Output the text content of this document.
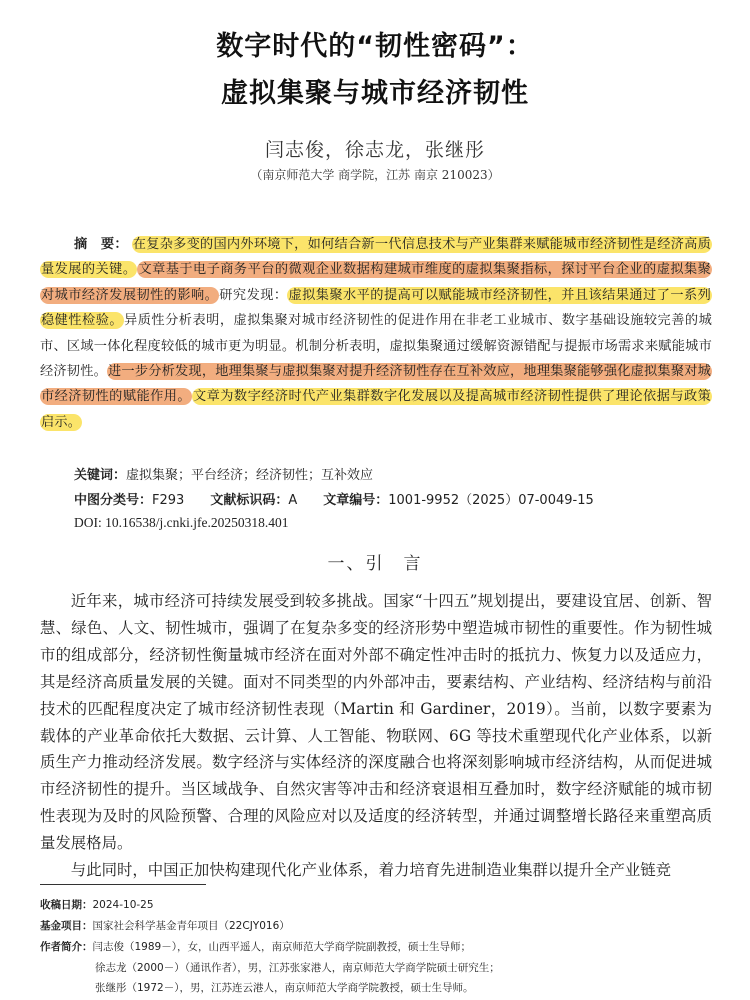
数字时代的“韧性密码”：
虚拟集聚与城市经济韧性
闫志俊，徐志龙，张继彤
（南京师范大学 商学院，江苏 南京 210023）
摘　要： 在复杂多变的国内外环境下，如何结合新一代信息技术与产业集群来赋能城市经济韧性是经济高质量发展的关键。 文章基于电子商务平台的微观企业数据构建城市维度的虚拟集聚指标，探讨平台企业的虚拟集聚对城市经济发展韧性的影响。研究发现：虚拟集聚水平的提高可以赋能城市经济韧性，并且该结果通过了一系列稳健性检验。异质性分析表明，虚拟集聚对城市经济韧性的促进作用在非老工业城市、数字基础设施较完善的城市、区域一体化程度较低的城市更为明显。机制分析表明，虚拟集聚通过缓解资源错配与提振市场需求来赋能城市经济韧性。进一步分析发现，地理集聚与虚拟集聚对提升经济韧性存在互补效应，地理集聚能够强化虚拟集聚对城市经济韧性的赋能作用。 文章为数字经济时代产业集群数字化发展以及提高城市经济韧性提供了理论依据与政策启示。
关键词：虚拟集聚；平台经济；经济韧性；互补效应
中图分类号：F293 文献标识码：A 文章编号：1001-9952（2025）07-0049-15
DOI: 10.16538/j.cnki.jfe.20250318.401
一、引　言

近年来，城市经济可持续发展受到较多挑战。国家“十四五”规划提出，要建设宜居、创新、智慧、绿色、人文、韧性城市，强调了在复杂多变的经济形势中塑造城市韧性的重要性。作为韧性城市的组成部分，经济韧性衡量城市经济在面对外部不确定性冲击时的抵抗力、恢复力以及适应力，其是经济高质量发展的关键。面对不同类型的内外部冲击，要素结构、产业结构、经济结构与前沿技术的匹配程度决定了城市经济韧性表现（Martin 和 Gardiner，2019）。当前，以数字要素为载体的产业革命依托大数据、云计算、人工智能、物联网、6G 等技术重塑现代化产业体系，以新质生产力推动经济发展。数字经济与实体经济的深度融合也将深刻影响城市经济结构，从而促进城市经济韧性的提升。当区域战争、自然灾害等冲击和经济衰退相互叠加时，数字经济赋能的城市韧性表现为及时的风险预警、合理的风险应对以及适度的经济转型，并通过调整增长路径来重塑高质量发展格局。

与此同时，中国正加快构建现代化产业体系，着力培育先进制造业集群以提升全产业链竞

收稿日期：2024-10-25
基金项目：国家社会科学基金青年项目（22CJY016）
作者简介：闫志俊（1989－），女，山西平遥人，南京师范大学商学院副教授，硕士生导师；
徐志龙（2000－）（通讯作者），男，江苏张家港人，南京师范大学商学院硕士研究生；
张继彤（1972－），男，江苏连云港人，南京师范大学商学院教授，硕士生导师。
